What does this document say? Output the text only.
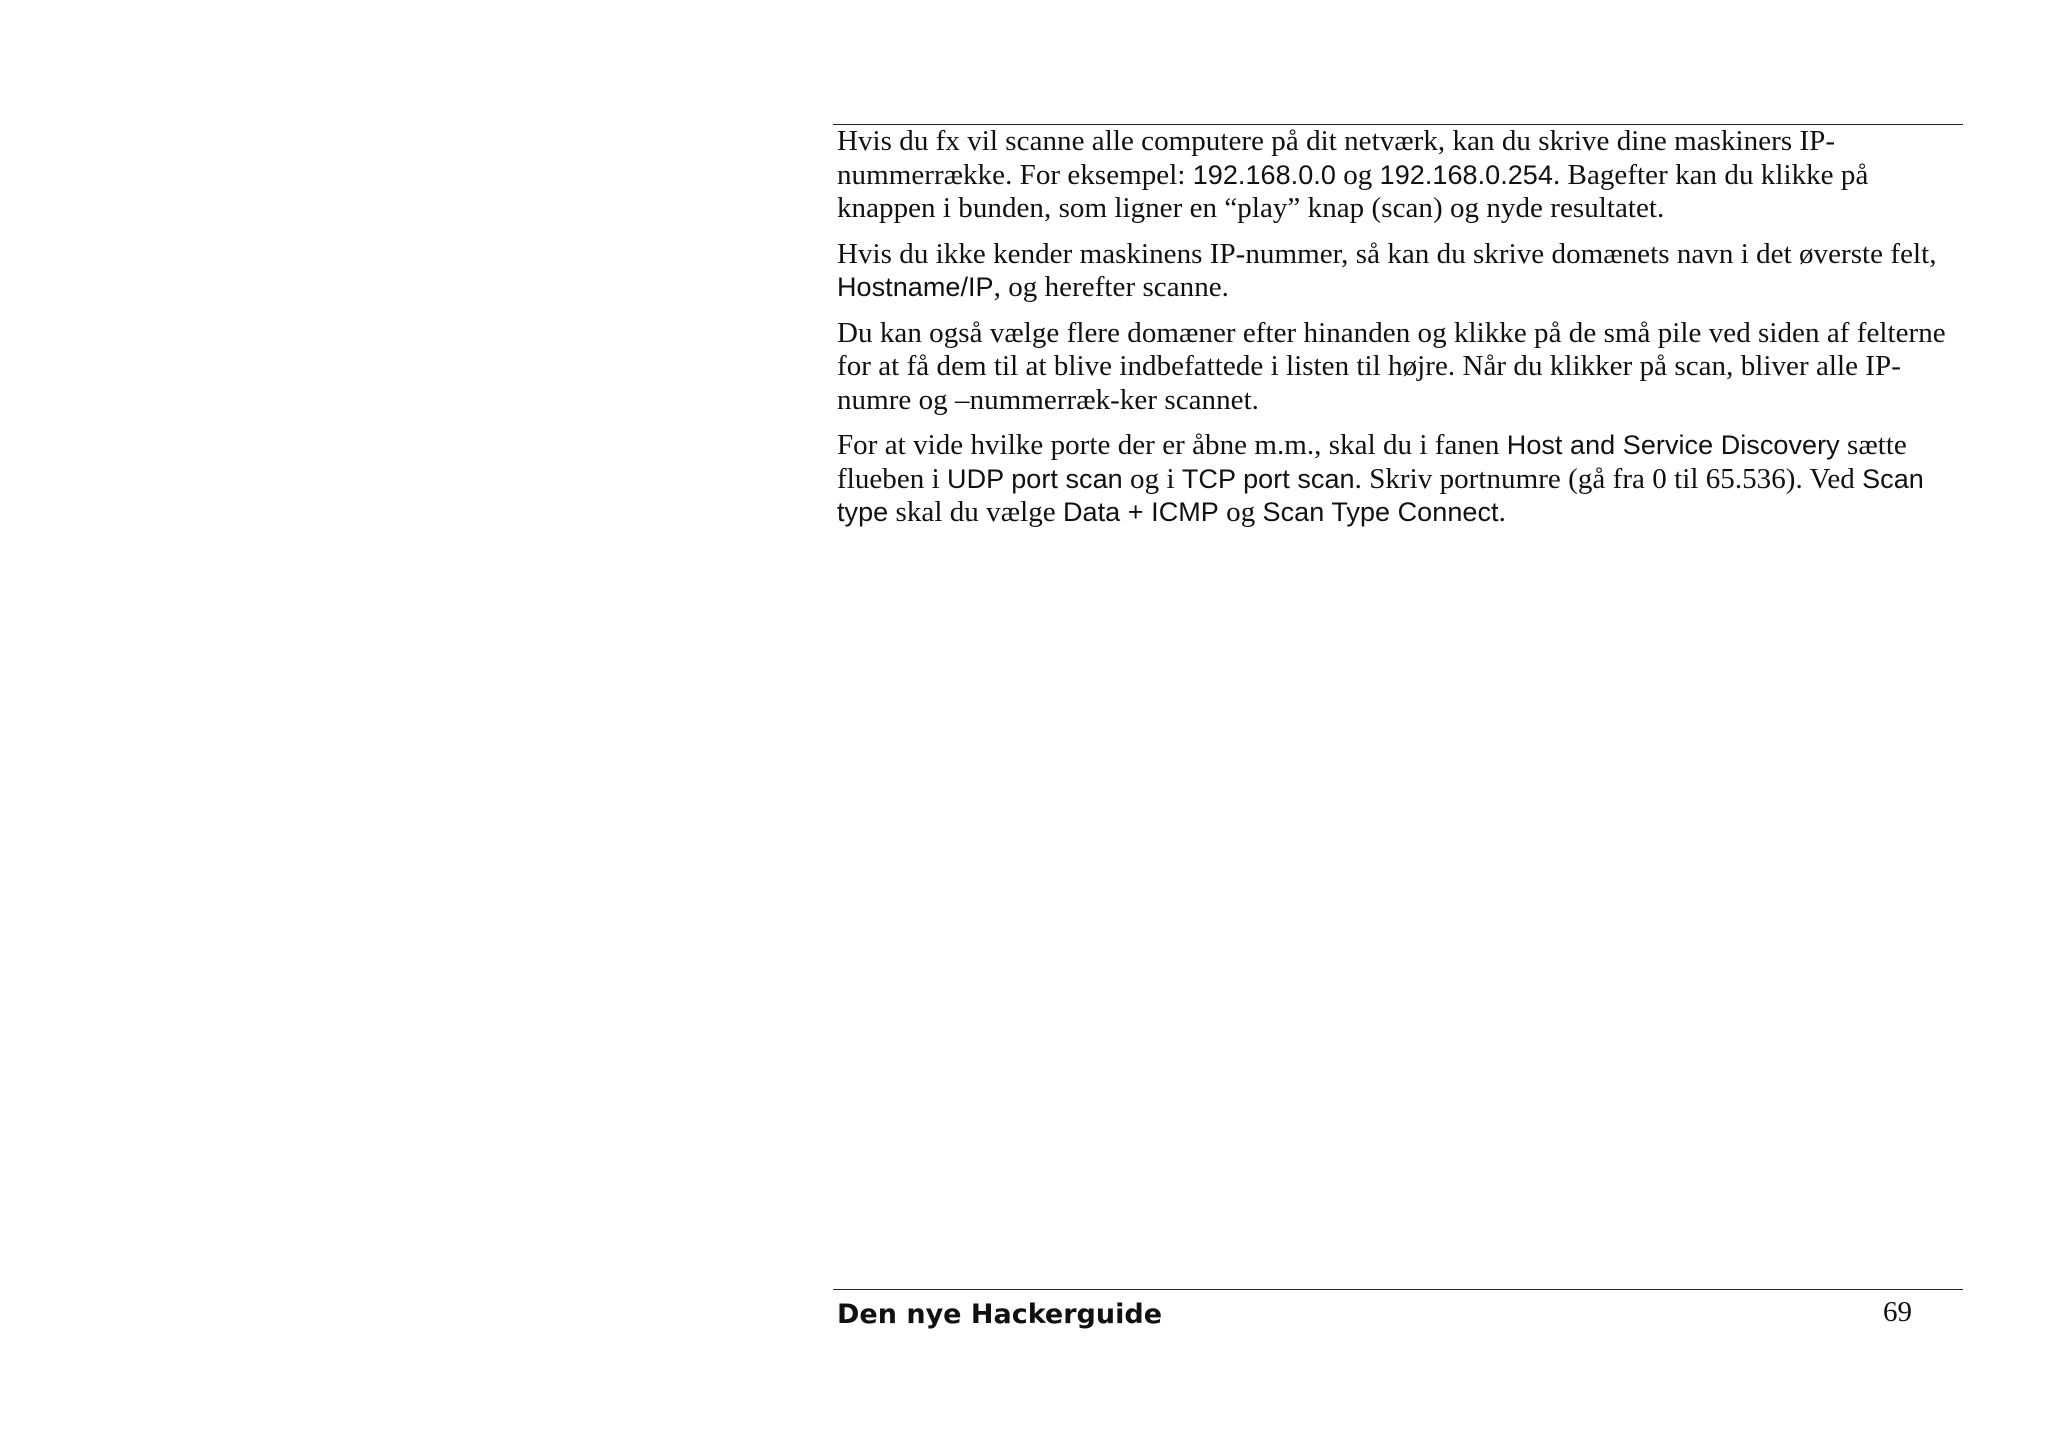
Hvis du fx vil scanne alle computere på dit netværk, kan du skrive dine maskiners IP-nummerrække. For eksempel: 192.168.0.0 og 192.168.0.254. Bagefter kan du klikke på knappen i bunden, som ligner en “play” knap (scan) og nyde resultatet.

Hvis du ikke kender maskinens IP-nummer, så kan du skrive domænets navn i det øverste felt, Hostname/IP, og herefter scanne.

Du kan også vælge flere domæner efter hinanden og klikke på de små pile ved siden af felterne for at få dem til at blive indbefattede i listen til højre. Når du klikker på scan, bliver alle IP-numre og –nummerræk-ker scannet.

For at vide hvilke porte der er åbne m.m., skal du i fanen Host and Service Discovery sætte flueben i UDP port scan og i TCP port scan. Skriv portnumre (gå fra 0 til 65.536). Ved Scan type skal du vælge Data + ICMP og Scan Type Connect.

Den nye Hackerguide	69
